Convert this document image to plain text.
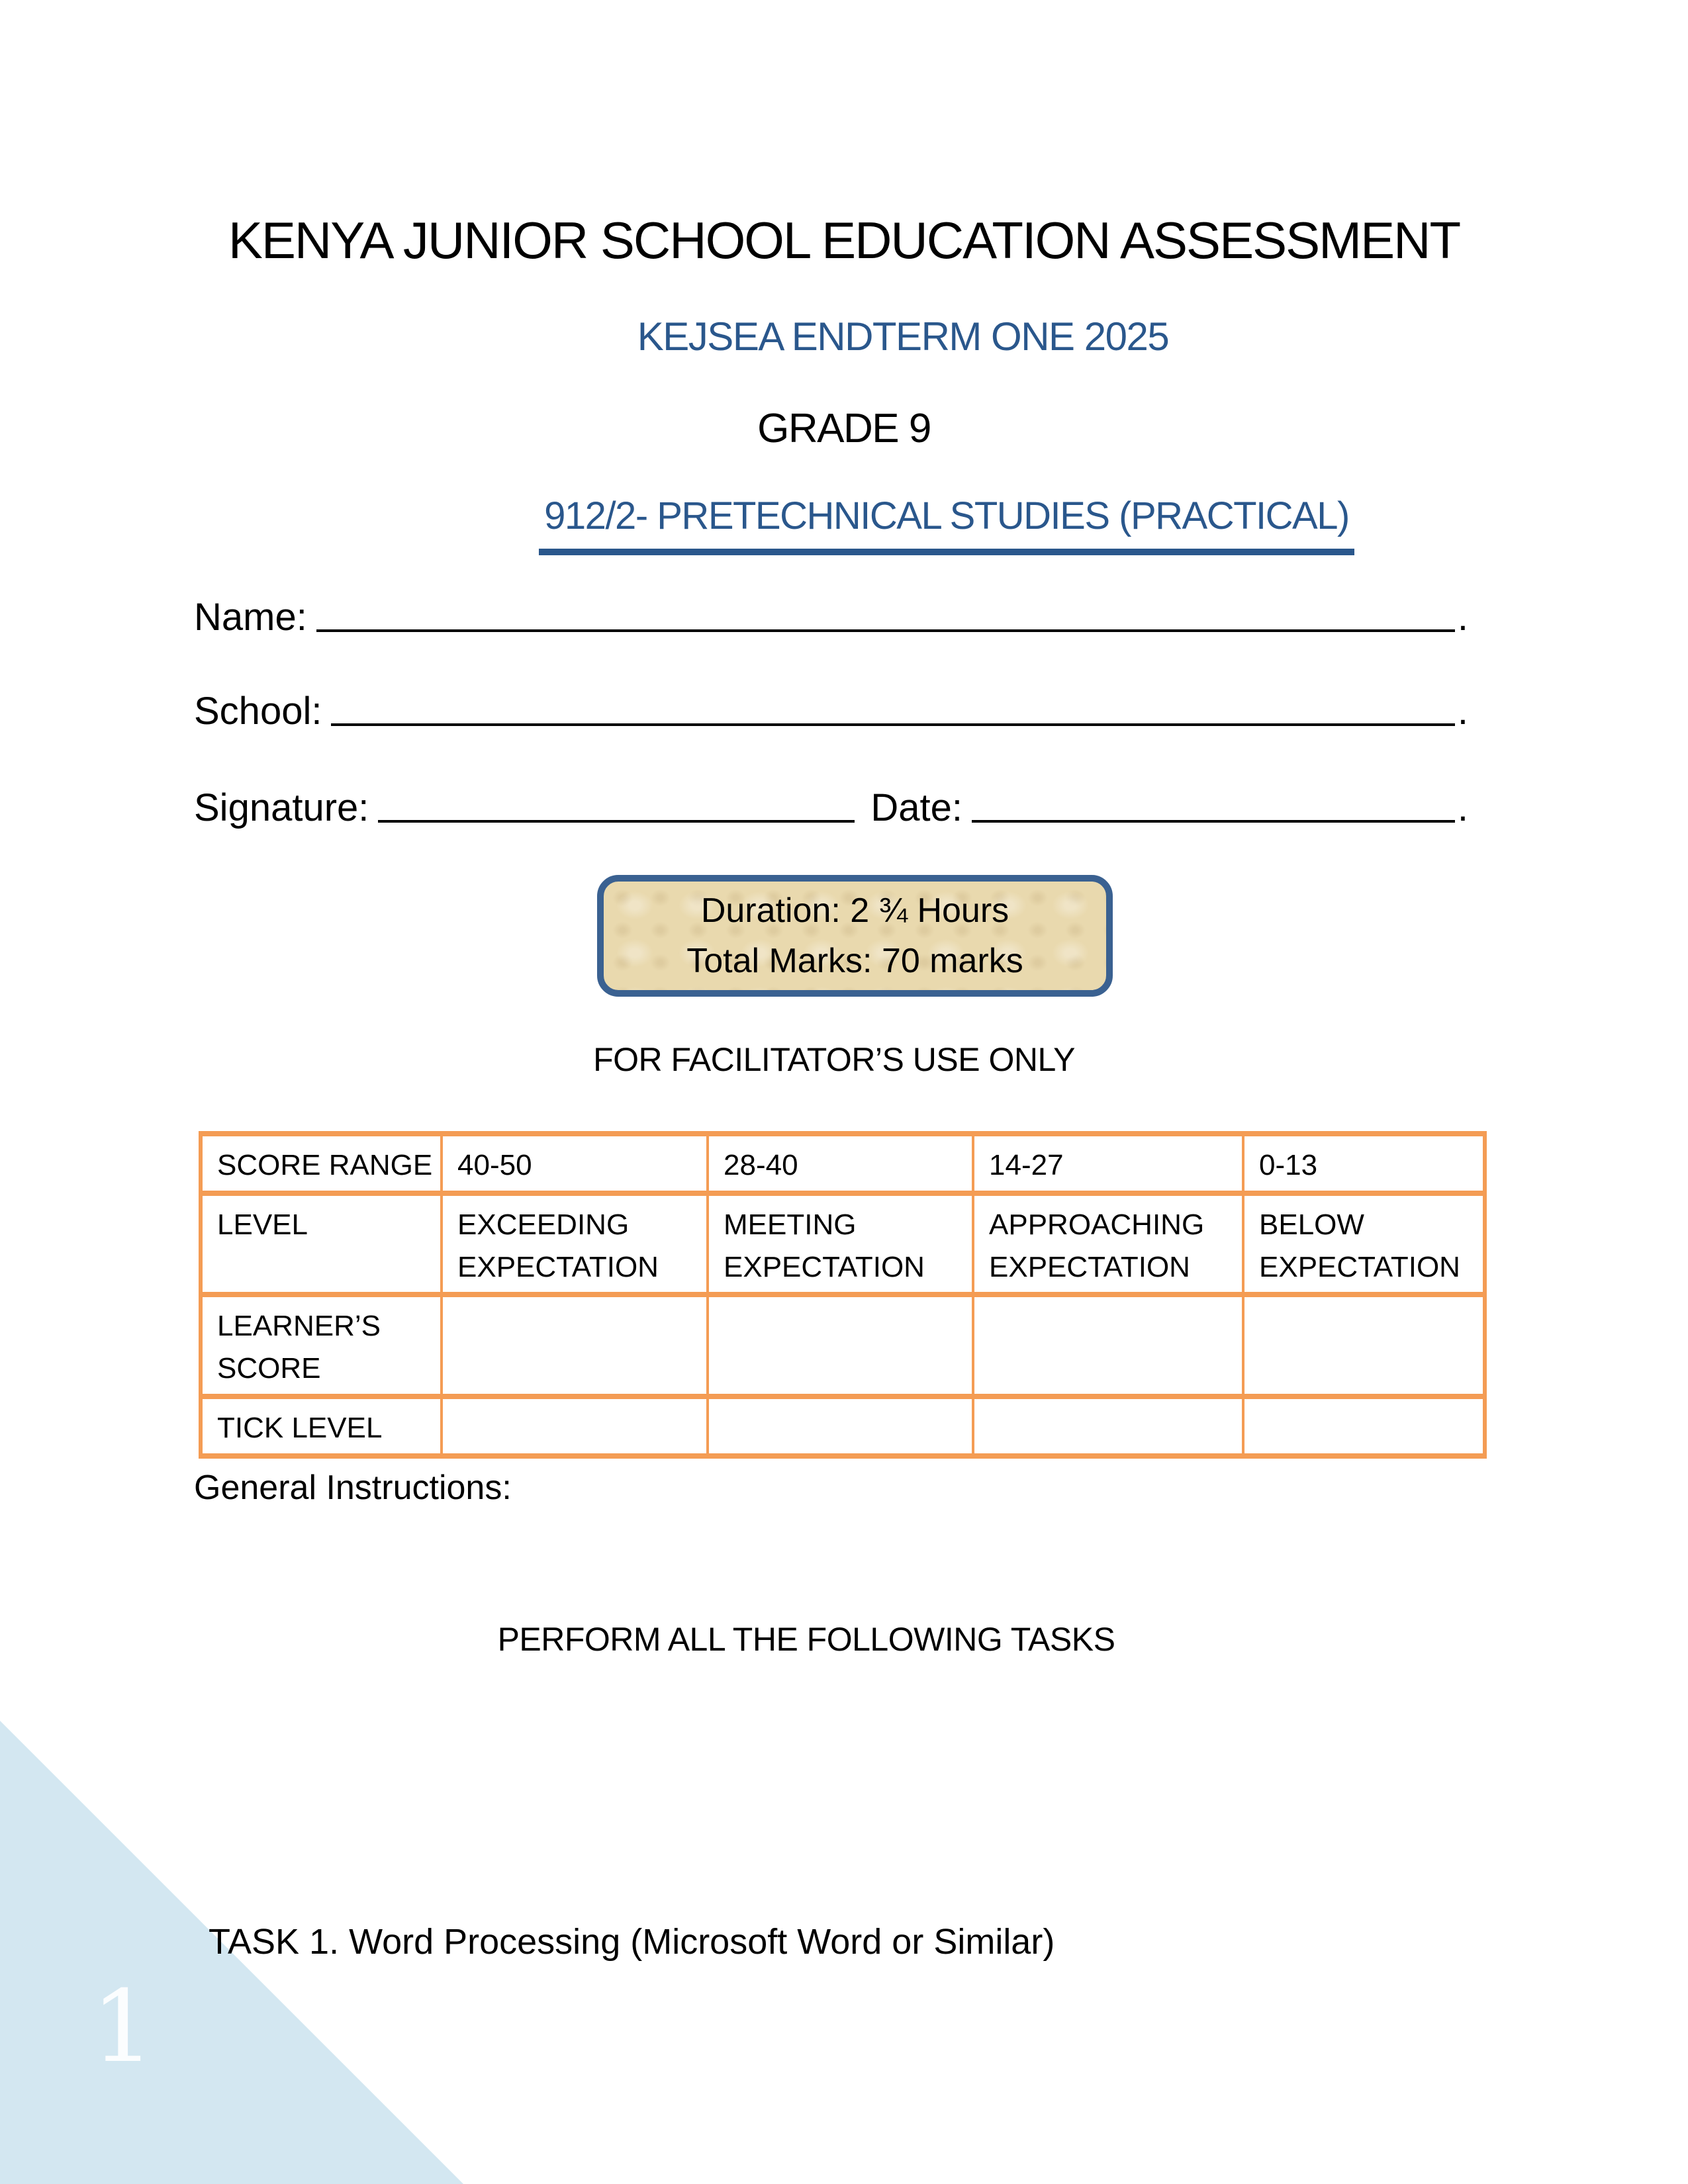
1
KENYA JUNIOR SCHOOL EDUCATION ASSESSMENT
KEJSEA ENDTERM ONE 2025
GRADE 9
912/2- PRETECHNICAL STUDIES (PRACTICAL)
Name:	.
School:	.
Signature:	Date:	.
Duration: 2 ¾ Hours
Total Marks: 70 marks
FOR FACILITATOR’S USE ONLY
SCORE RANGE	40-50	28-40	14-27	0-13
LEVEL	EXCEEDING EXPECTATION	MEETING EXPECTATION	APPROACHING EXPECTATION	BELOW EXPECTATION
LEARNER’S SCORE				
TICK LEVEL				
General Instructions:
PERFORM ALL THE FOLLOWING TASKS
TASK 1. Word Processing (Microsoft Word or Similar)
